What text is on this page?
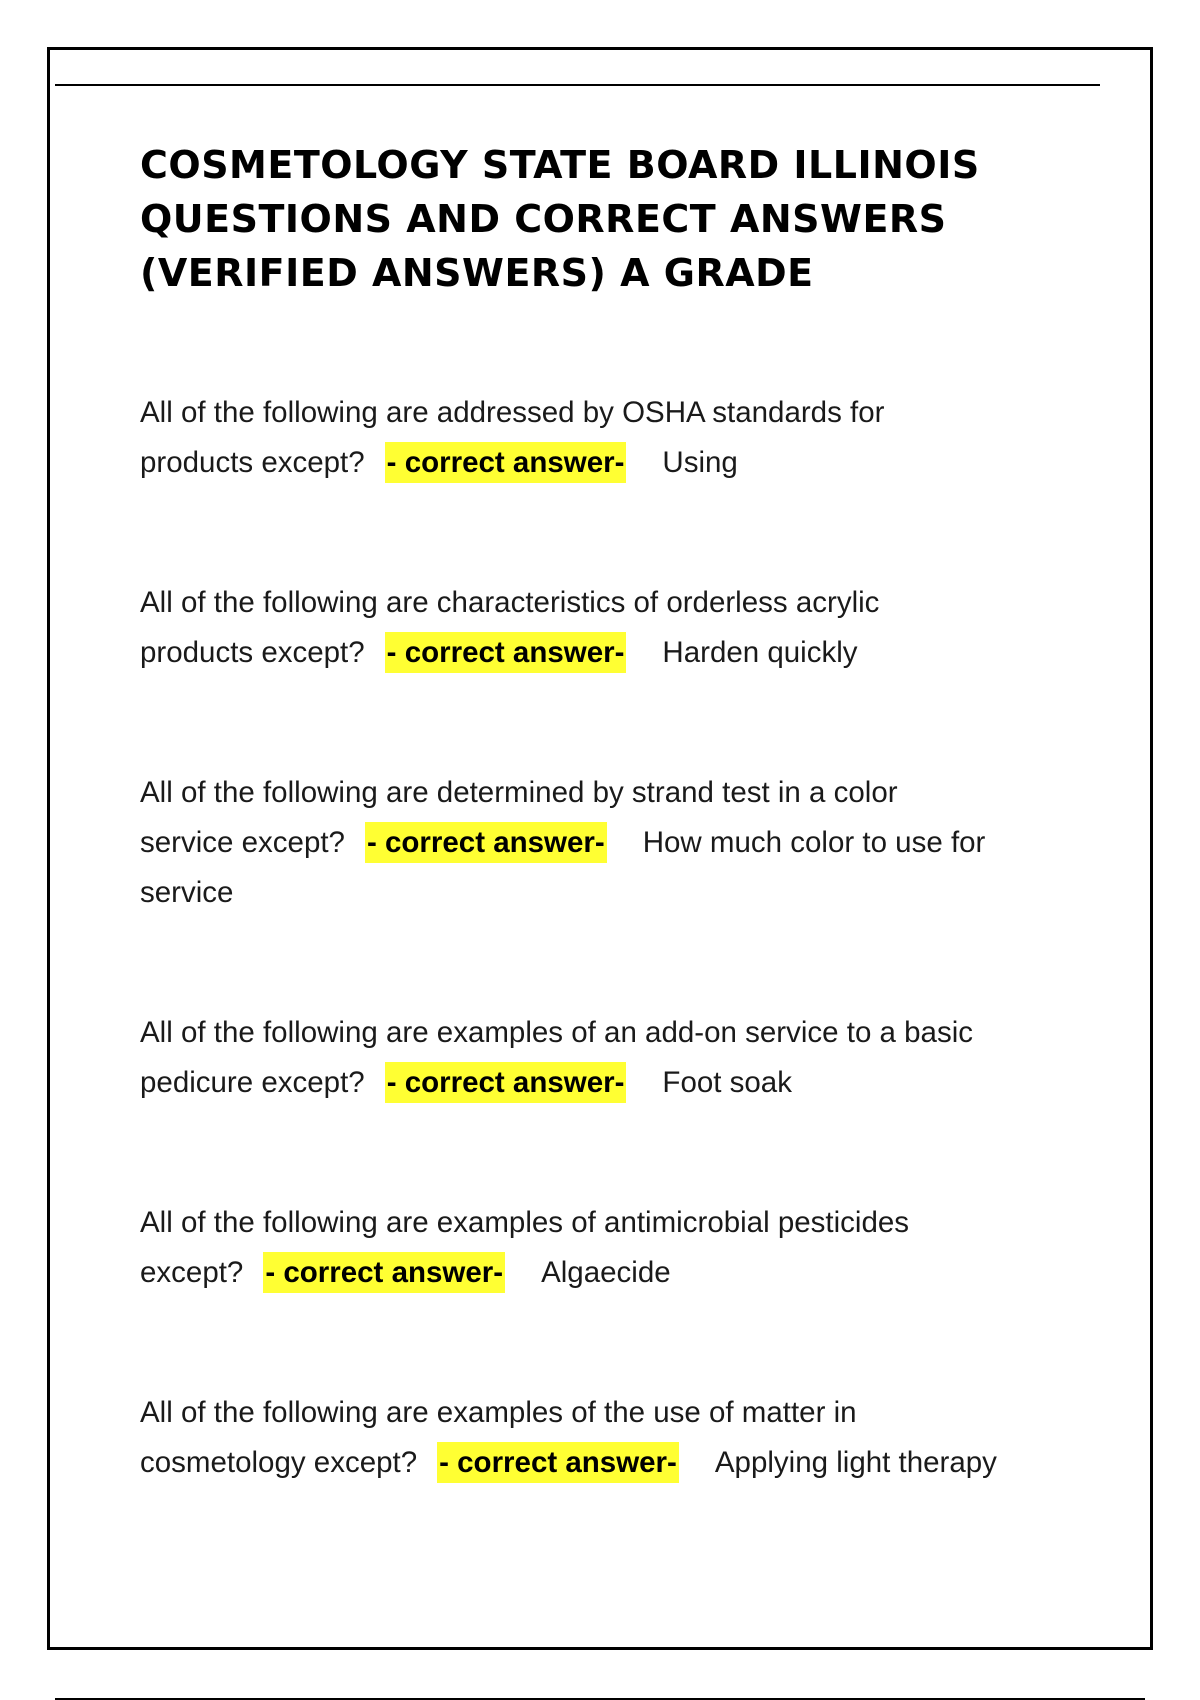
COSMETOLOGY STATE BOARD ILLINOIS
QUESTIONS AND CORRECT ANSWERS
(VERIFIED ANSWERS) A GRADE
All of the following are addressed by OSHA standards for
products except? - correct answer- Using
All of the following are characteristics of orderless acrylic
products except? - correct answer- Harden quickly
All of the following are determined by strand test in a color
service except? - correct answer- How much color to use for
service
All of the following are examples of an add-on service to a basic
pedicure except? - correct answer- Foot soak
All of the following are examples of antimicrobial pesticides
except? - correct answer- Algaecide
All of the following are examples of the use of matter in
cosmetology except? - correct answer- Applying light therapy
